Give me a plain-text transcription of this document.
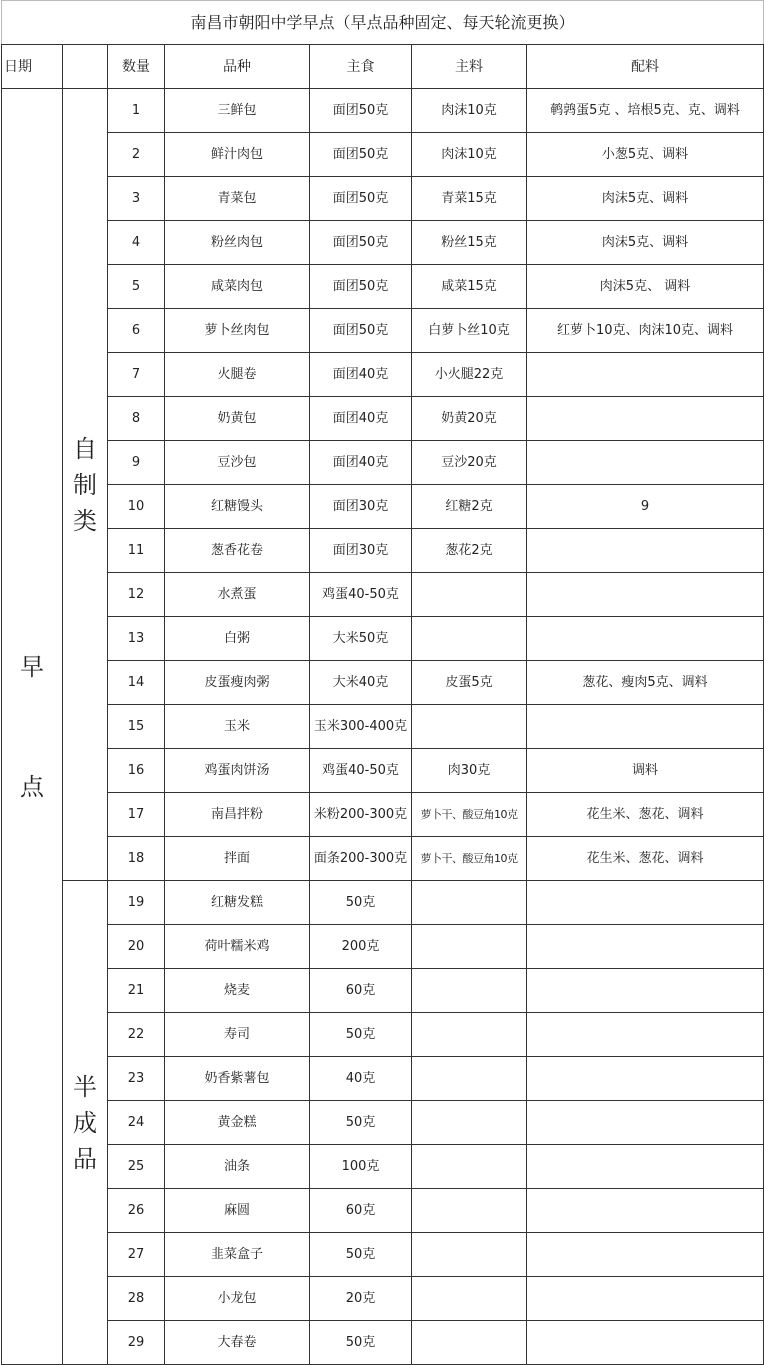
南昌市朝阳中学早点（早点品种固定、每天轮流更换）						
日期		数量	品种	主食	主料	配料

早
点	自
制
类	1	三鲜包	面团50克	肉沫10克	鹌鹑蛋5克 、培根5克、克、调料
		2	鲜汁肉包	面团50克	肉沫10克	小葱5克、调料
		3	青菜包	面团50克	青菜15克	肉沫5克、调料
		4	粉丝肉包	面团50克	粉丝15克	肉沫5克、调料
		5	咸菜肉包	面团50克	咸菜15克	肉沫5克、 调料
		6	萝卜丝肉包	面团50克	白萝卜丝10克	红萝卜10克、肉沫10克、调料
		7	火腿卷	面团40克	小火腿22克	
		8	奶黄包	面团40克	奶黄20克	
		9	豆沙包	面团40克	豆沙20克	
		10	红糖馒头	面团30克	红糖2克	9
		11	葱香花卷	面团30克	葱花2克	
		12	水煮蛋	鸡蛋40-50克		
		13	白粥	大米50克		
		14	皮蛋瘦肉粥	大米40克	皮蛋5克	葱花、瘦肉5克、调料
		15	玉米	玉米300-400克		
		16	鸡蛋肉饼汤	鸡蛋40-50克	肉30克	调料
		17	南昌拌粉	米粉200-300克	萝卜干、酸豆角10克	花生米、葱花、调料
		18	拌面	面条200-300克	萝卜干、酸豆角10克	花生米、葱花、调料

	半
成
品	19	红糖发糕	50克		
		20	荷叶糯米鸡	200克		
		21	烧麦	60克		
		22	寿司	50克		
		23	奶香紫薯包	40克		
		24	黄金糕	50克		
		25	油条	100克		
		26	麻圆	60克		
		27	韭菜盒子	50克		
		28	小龙包	20克		
		29	大春卷	50克		
